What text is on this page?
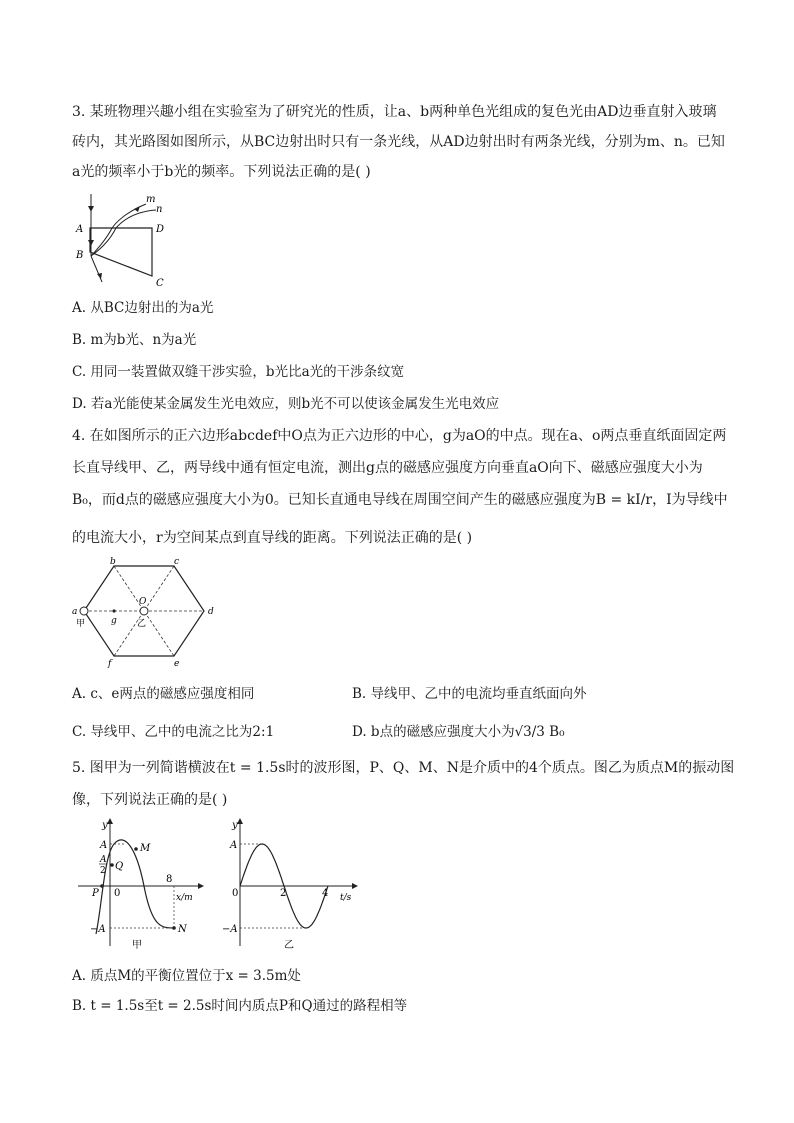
3. 某班物理兴趣小组在实验室为了研究光的性质，让a、b两种单色光组成的复色光由AD边垂直射入玻璃
砖内，其光路图如图所示，从BC边射出时只有一条光线，从AD边射出时有两条光线，分别为m、n。已知
a光的频率小于b光的频率。下列说法正确的是( )
m
n
A	D
B
C
A. 从BC边射出的为a光
B. m为b光、n为a光
C. 用同一装置做双缝干涉实验，b光比a光的干涉条纹宽
D. 若a光能使某金属发生光电效应，则b光不可以使该金属发生光电效应
4. 在如图所示的正六边形abcdef中O点为正六边形的中心，g为aO的中点。现在a、o两点垂直纸面固定两
长直导线甲、乙，两导线中通有恒定电流，测出g点的磁感应强度方向垂直aO向下、磁感应强度大小为
B₀，而d点的磁感应强度大小为0。已知长直通电导线在周围空间产生的磁感应强度为B = kI/r，I为导线中
的电流大小，r为空间某点到直导线的距离。下列说法正确的是( )
a
b	c
d
e
f
g
O
甲	乙
A. c、e两点的磁感应强度相同	B. 导线甲、乙中的电流均垂直纸面向外
C. 导线甲、乙中的电流之比为2:1	D. b点的磁感应强度大小为√3/3 B₀
5. 图甲为一列简谐横波在t = 1.5s时的波形图，P、Q、M、N是介质中的4个质点。图乙为质点M的振动图
像，下列说法正确的是( )
y
x/m
A
A
2
−A
0
8
P
Q
M
N
甲
y
t/s
A
−A
0	2	4
乙
A. 质点M的平衡位置位于x = 3.5m处
B. t = 1.5s至t = 2.5s时间内质点P和Q通过的路程相等
